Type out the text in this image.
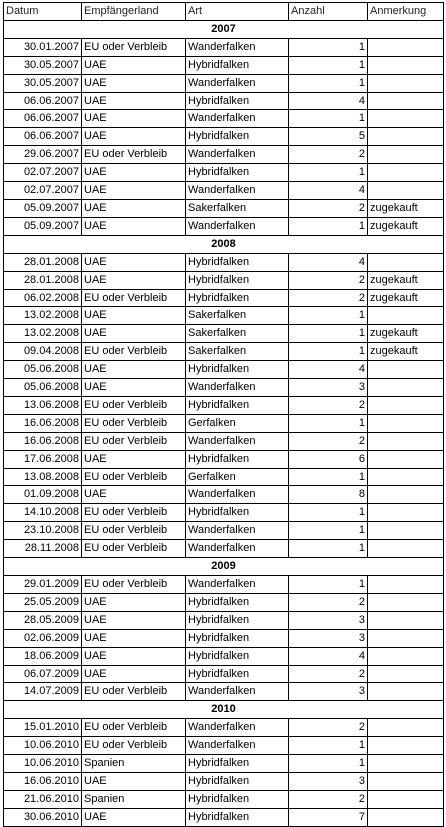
Datum	Empfängerland	Art	Anzahl	Anmerkung
2007				
30.01.2007	EU oder Verbleib	Wanderfalken	1	
30.05.2007	UAE	Hybridfalken	1	
30.05.2007	UAE	Wanderfalken	1	
06.06.2007	UAE	Hybridfalken	4	
06.06.2007	UAE	Wanderfalken	1	
06.06.2007	UAE	Hybridfalken	5	
29.06.2007	EU oder Verbleib	Wanderfalken	2	
02.07.2007	UAE	Hybridfalken	1	
02.07.2007	UAE	Wanderfalken	4	
05.09.2007	UAE	Sakerfalken	2	zugekauft
05.09.2007	UAE	Wanderfalken	1	zugekauft
2008				
28.01.2008	UAE	Hybridfalken	4	
28.01.2008	UAE	Hybridfalken	2	zugekauft
06.02.2008	EU oder Verbleib	Hybridfalken	2	zugekauft
13.02.2008	UAE	Sakerfalken	1	
13.02.2008	UAE	Sakerfalken	1	zugekauft
09.04.2008	EU oder Verbleib	Sakerfalken	1	zugekauft
05.06.2008	UAE	Hybridfalken	4	
05.06.2008	UAE	Wanderfalken	3	
13.06.2008	EU oder Verbleib	Hybridfalken	2	
16.06.2008	EU oder Verbleib	Gerfalken	1	
16.06.2008	EU oder Verbleib	Wanderfalken	2	
17.06.2008	UAE	Hybridfalken	6	
13.08.2008	EU oder Verbleib	Gerfalken	1	
01.09.2008	UAE	Wanderfalken	8	
14.10.2008	EU oder Verbleib	Hybridfalken	1	
23.10.2008	EU oder Verbleib	Wanderfalken	1	
28.11.2008	EU oder Verbleib	Wanderfalken	1	
2009				
29.01.2009	EU oder Verbleib	Wanderfalken	1	
25.05.2009	UAE	Hybridfalken	2	
28.05.2009	UAE	Hybridfalken	3	
02.06.2009	UAE	Hybridfalken	3	
18.06.2009	UAE	Hybridfalken	4	
06.07.2009	UAE	Hybridfalken	2	
14.07.2009	EU oder Verbleib	Wanderfalken	3	
2010				
15.01.2010	EU oder Verbleib	Wanderfalken	2	
10.06.2010	EU oder Verbleib	Wanderfalken	1	
10.06.2010	Spanien	Hybridfalken	1	
16.06.2010	UAE	Hybridfalken	3	
21.06.2010	Spanien	Hybridfalken	2	
30.06.2010	UAE	Hybridfalken	7	
